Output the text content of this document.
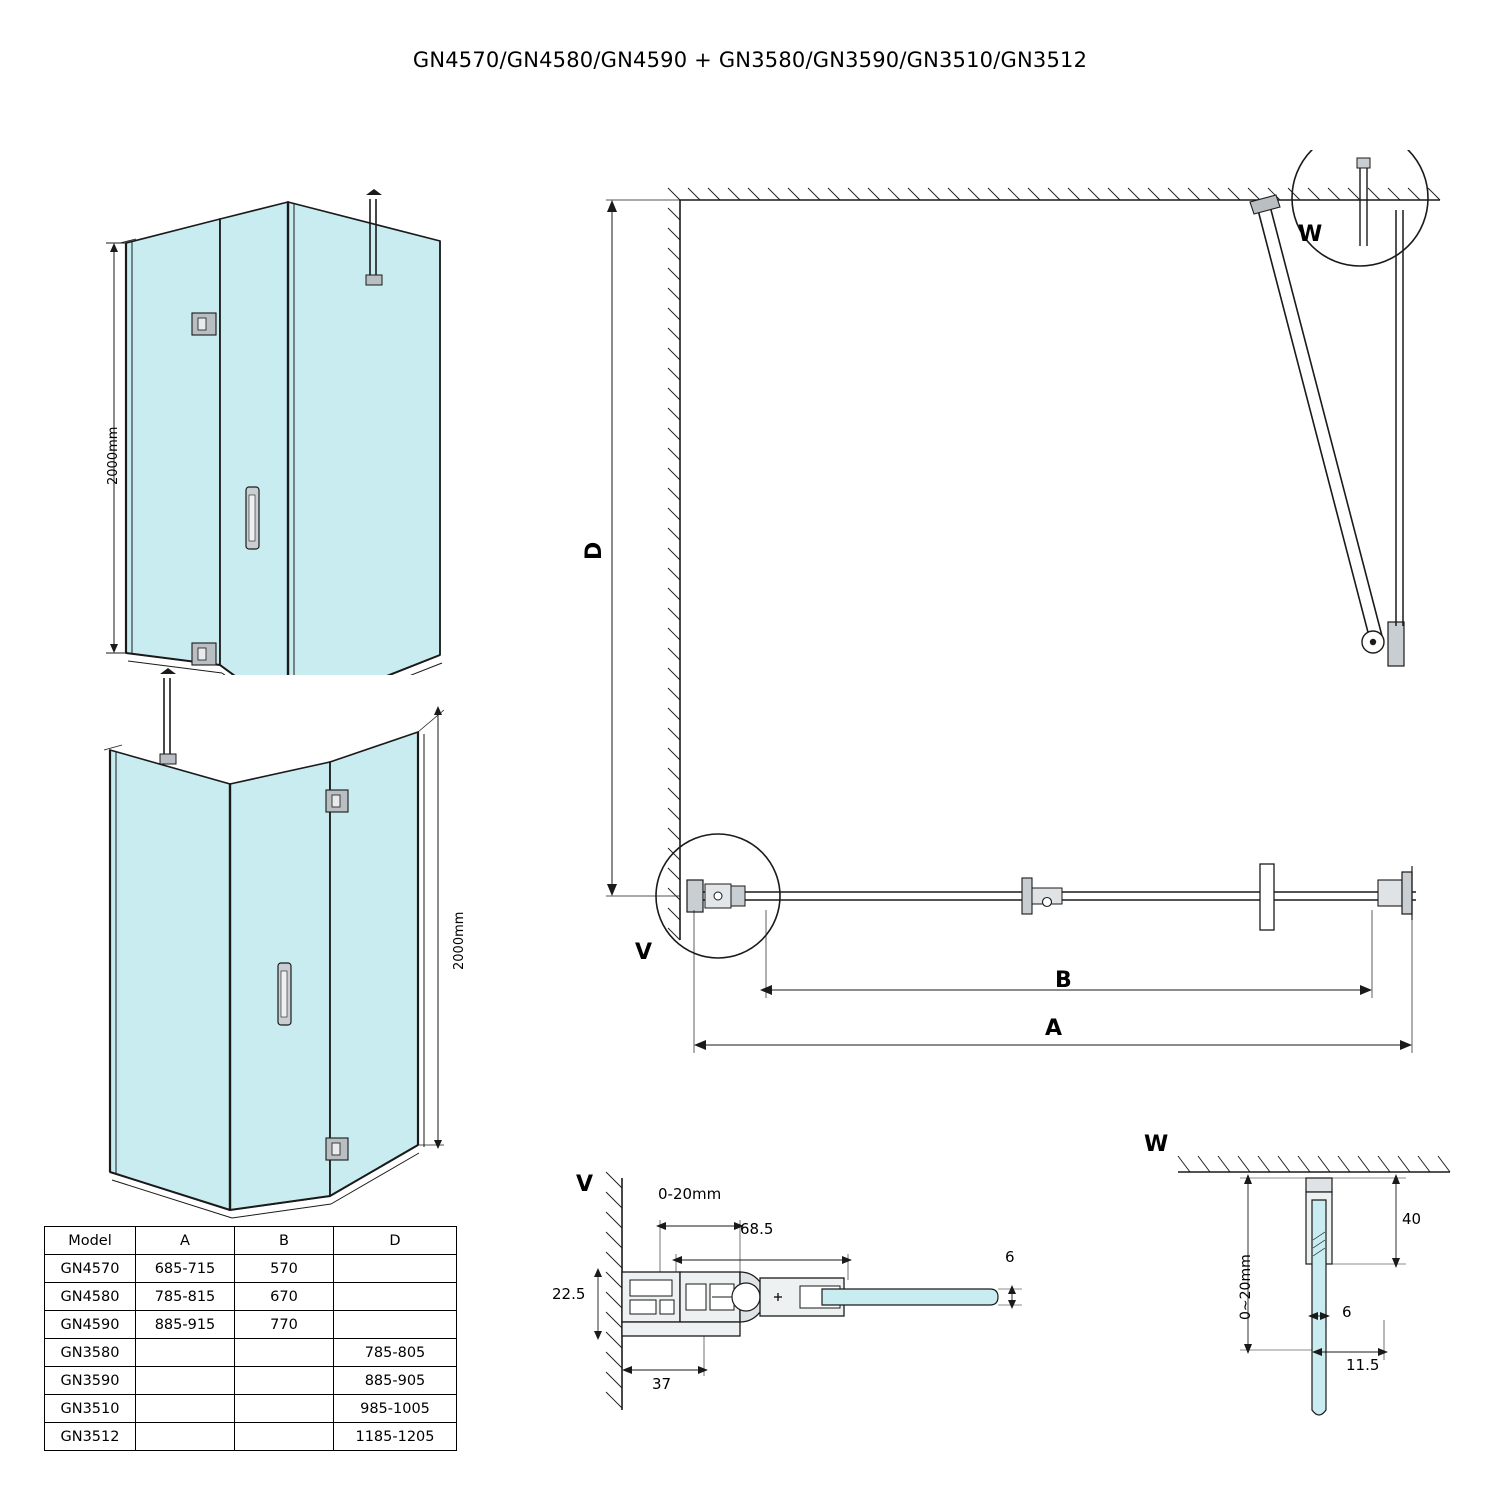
GN4570/GN4580/GN4590 + GN3580/GN3590/GN3510/GN3512
2000mm
2000mm
B
A
W
V
D
V	0-20mm
68.5
6
22.5
37
W
40
0~20mm	6
11.5
Model	A	B	D
GN4570	685-715	570	
GN4580	785-815	670	
GN4590	885-915	770	
GN3580			785-805
GN3590			885-905
GN3510			985-1005
GN3512			1185-1205
